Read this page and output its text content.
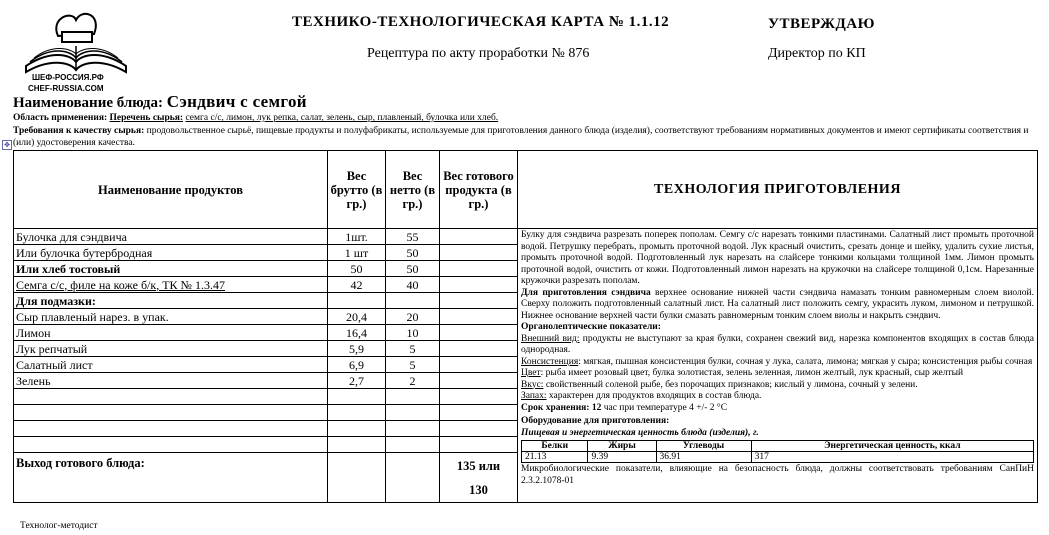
ШЕФ-РОССИЯ.РФ
CHEF-RUSSIA.COM
ТЕХНИКО-ТЕХНОЛОГИЧЕСКАЯ КАРТА № 1.1.12
Рецептура по акту проработки № 876
УТВЕРЖДАЮ
Директор по КП
Наименование блюда: Сэндвич с семгой
Область применения: Перечень сырья: семга с/с, лимон, лук репка, салат, зелень, сыр, плавленый, булочка или хлеб.
Требования к качеству сырья: продовольственное сырьё, пищевые продукты и полуфабрикаты, используемые для приготовления данного блюда (изделия), соответствуют требованиям нормативных документов и имеют сертификаты соответствия и (или) удостоверения качества.
✥
Наименование продуктов	Вес брутто (в гр.)	Вес нетто (в гр.)	Вес готового продукта (в гр.)	ТЕХНОЛОГИЯ ПРИГОТОВЛЕНИЯ
Булочка для сэндвича	1шт.	55		Булку для сэндвича разрезать поперек пополам. Семгу с/с нарезать тонкими пластинами. Салатный лист промыть проточной водой. Петрушку перебрать, промыть проточной водой. Лук красный очистить, срезать донце и шейку, удалить сухие листья, промыть проточной водой. Подготовленный лук нарезать на слайсере тонкими кольцами толщиной 1мм. Лимон промыть проточной водой, очистить от кожи. Подготовленный лимон нарезать на кружочки на слайсере толщиной 0,1см. Нарезанные кружочки разрезать пополам.
Для приготовления сэндвича верхнее основание нижней части сэндвича намазать тонким равномерным слоем виолой. Сверху положить подготовленный салатный лист. На салатный лист положить семгу, украсить луком, лимоном и петрушкой. Нижнее основание верхней части булки смазать равномерным тонким слоем виолы и накрыть сэндвич.
Органолептические показатели:
Внешний вид: продукты не выступают за края булки, сохранен свежий вид, нарезка компонентов входящих в состав блюда однородная.
Консистенция: мягкая, пышная консистенция булки, сочная у лука, салата, лимона; мягкая у сыра; консистенция рыбы сочная
Цвет: рыба имеет розовый цвет, булка золотистая, зелень зеленная, лимон желтый, лук красный, сыр желтый
Вкус: свойственный соленой рыбе, без порочащих признаков; кислый у лимона, сочный у зелени.
Запах: характерен для продуктов входящих в состав блюда.
Срок хранения: 12 час при температуре 4 +/- 2 °С
Оборудование для приготовления:
Пищевая и энергетическая ценность блюда (изделия), г.
Белки	Жиры	Углеводы	Энергетическая ценность, ккал
21.13	9.39	36.91	317
Микробиологические показатели, влияющие на безопасность блюда, должны соответствовать требованиям СанПиН 2.3.2.1078-01

Или булочка бутербродная	1 шт	50	
Или хлеб тостовый	50	50	
Семга с/с, филе на коже б/к, ТК № 1.3.47	42	40	
Для подмазки:			
Сыр плавленый нарез. в упак.	20,4	20	
Лимон	16,4	10	
Лук репчатый	5,9	5	
Салатный лист	6,9	5	
Зелень	2,7	2	

Выход готового блюда:			135 или
130
Технолог-методист
